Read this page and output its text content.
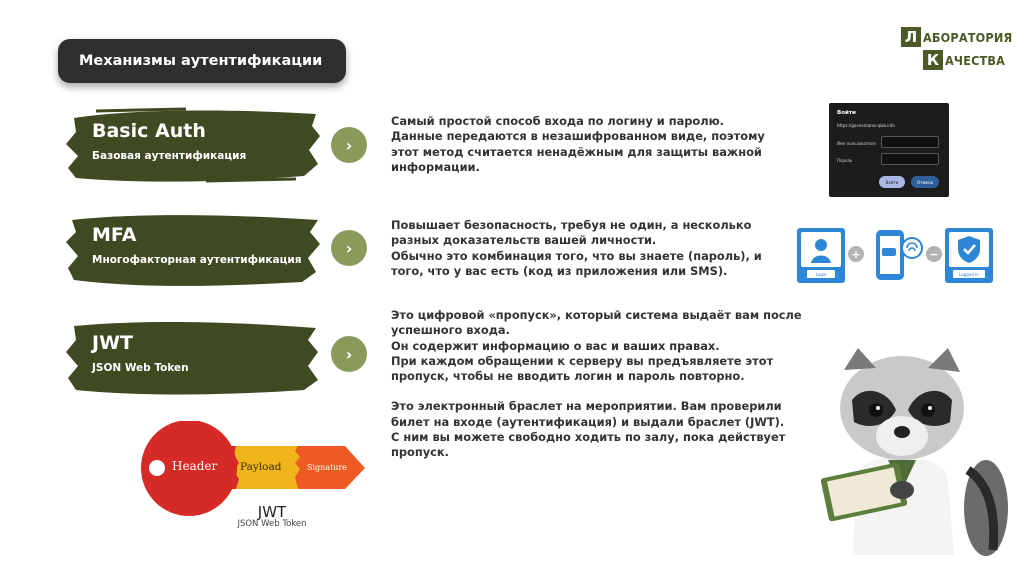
Механизмы аутентификации
Л АБОРАТОРИЯ
К АЧЕСТВА
Basic Auth
Базовая аутентификация
›

Самый простой способ входа по логину и паролю.

Данные передаются в незашифрованном виде, поэтому

этот метод считается ненадёжным для защиты важной

информации.

MFA
Многофакторная аутентификация
›

Повышает безопасность, требуя не один, а несколько

разных доказательств вашей личности.

Обычно это комбинация того, что вы знаете (пароль), и

того, что у вас есть (код из приложения или SMS).

JWT
JSON Web Token
›

Это цифровой «пропуск», который система выдаёт вам после

успешного входа.

Он содержит информацию о вас и ваших правах.

При каждом обращении к серверу вы предъявляете этот

пропуск, чтобы не вводить логин и пароль повторно.

Это электронный браслет на мероприятии. Вам проверили

билет на входе (аутентификация) и выдали браслет (JWT).

С ним вы можете свободно ходить по залу, пока действует

пропуск.

Войти
https://govnorkarov.qlab.info
Имя пользователя
Пароль
Войти	Отмена
Login
+	−
Logged In
Header Payload	Signature
JWT
JSON Web Token
